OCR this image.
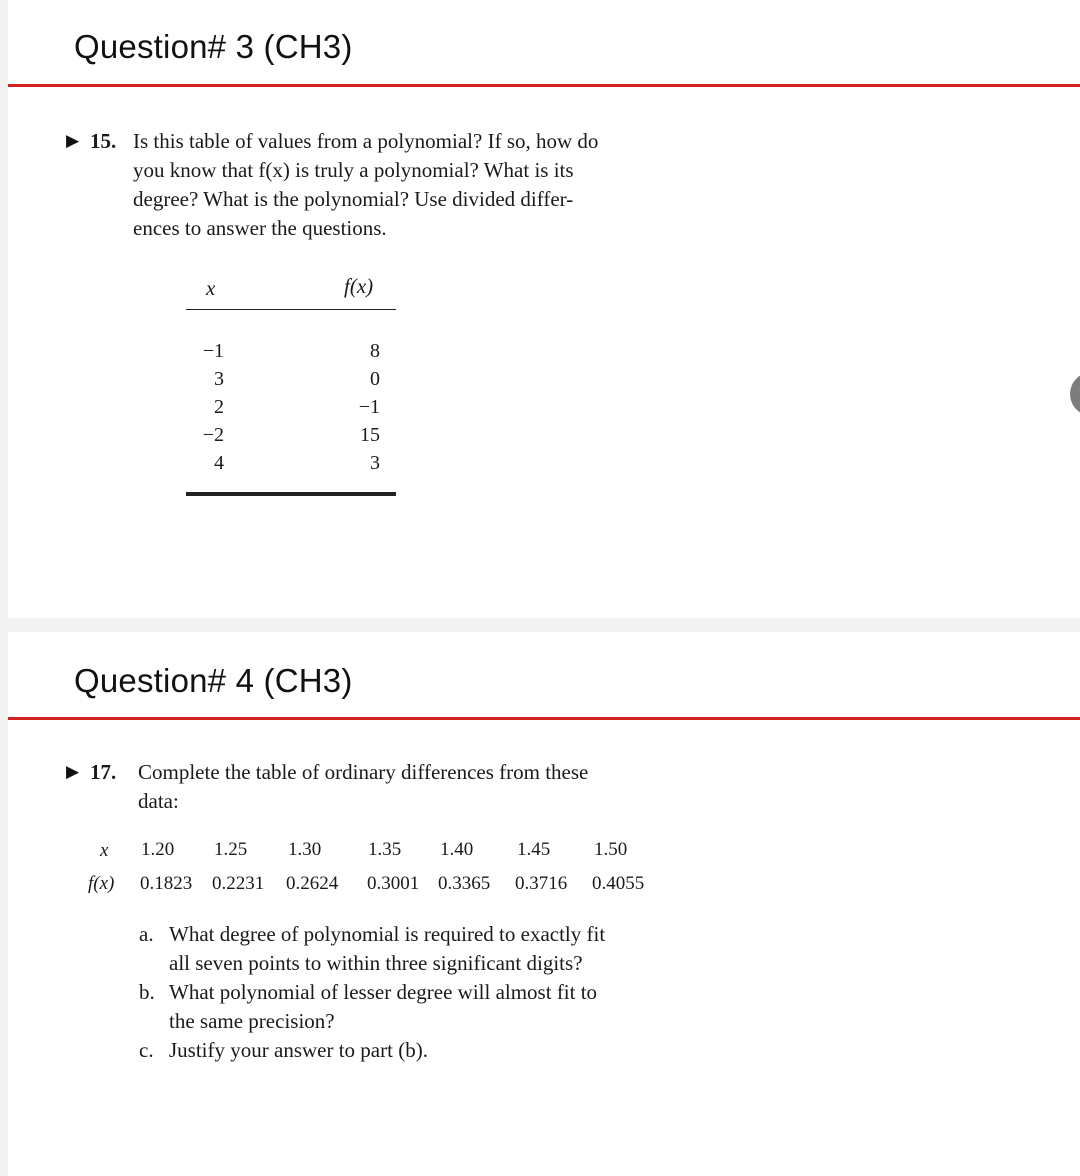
Question# 3 (CH3)
▶ 15. Is this table of values from a polynomial? If so, how do
you know that f(x) is truly a polynomial? What is its
degree? What is the polynomial? Use divided differ-
ences to answer the questions.
x	f(x)
−1
3
2
−2
4
8
0
−1
15
3
Question# 4 (CH3)
▶ 17. Complete the table of ordinary differences from these
data:
x 1.20 1.25 1.30 1.35 1.40 1.45 1.50
f(x) 0.1823 0.2231 0.2624 0.3001 0.3365 0.3716 0.4055
a. What degree of polynomial is required to exactly fit
all seven points to within three significant digits?
b. What polynomial of lesser degree will almost fit to
the same precision?
c. Justify your answer to part (b).
